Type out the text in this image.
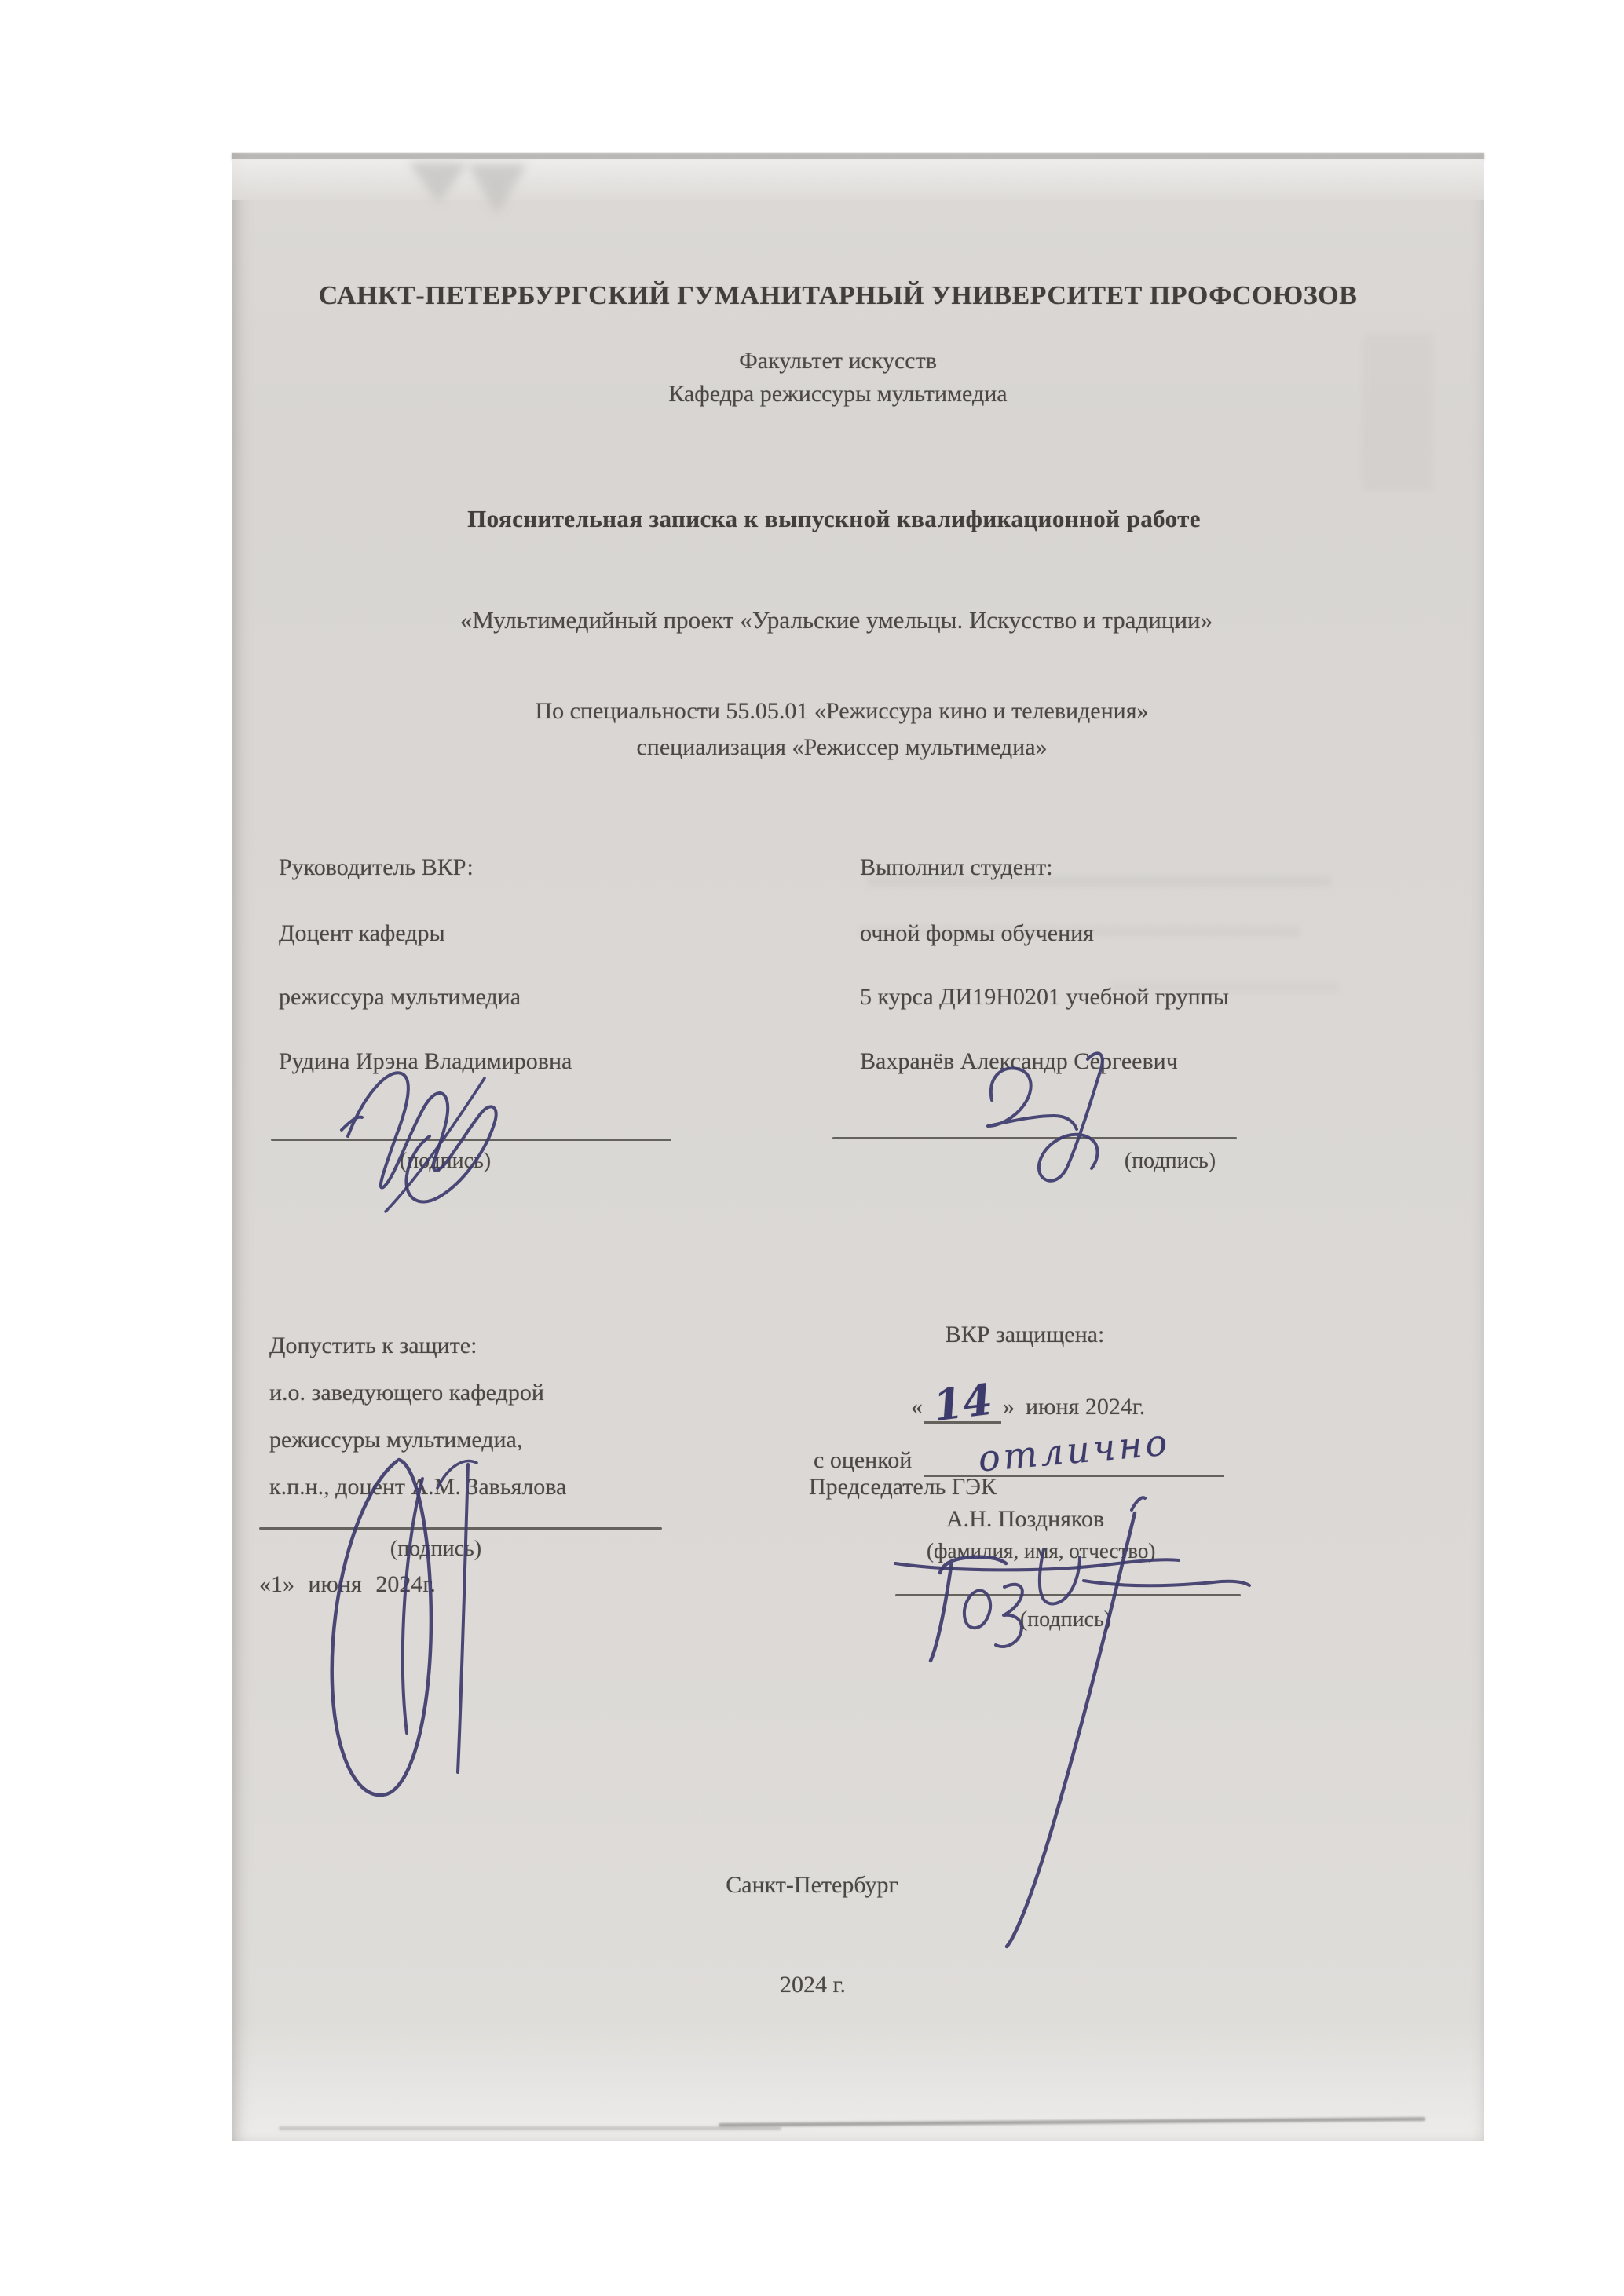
САНКТ-ПЕТЕРБУРГСКИЙ ГУМАНИТАРНЫЙ УНИВЕРСИТЕТ ПРОФСОЮЗОВ
Факультет искусств
Кафедра режиссуры мультимедиа
Пояснительная записка к выпускной квалификационной работе
«Мультимедийный проект «Уральские умельцы. Искусство и традиции»
По специальности 55.05.01 «Режиссура кино и телевидения»
специализация «Режиссер мультимедиа»
Руководитель ВКР:
Доцент кафедры
режиссура мультимедиа
Рудина Ирэна Владимировна
(подпись)
Выполнил студент:
очной формы обучения
5 курса ДИ19Н0201 учебной группы
Вахранёв Александр Сергеевич
(подпись)
Допустить к защите:
и.о. заведующего кафедрой
режиссуры мультимедиа,
к.п.н., доцент А.М. Завьялова
(подпись)
«1» июня 2024г.
ВКР защищена:
« 14 » июня 2024г.
с оценкой	отлично
Председатель ГЭК
А.Н. Поздняков
(фамилия, имя, отчество)
(подпись)
Санкт-Петербург
2024 г.
